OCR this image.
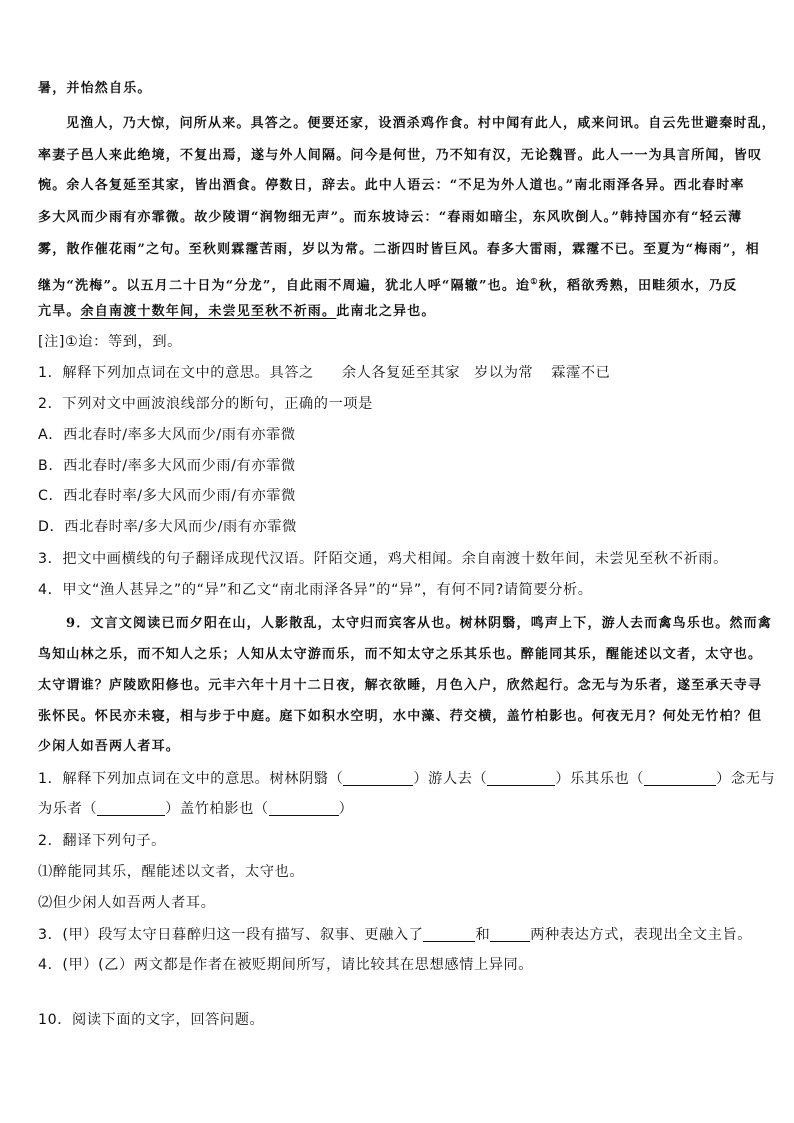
暑，并怡然自乐。
见渔人，乃大惊，问所从来。具答之。便要还家，设酒杀鸡作食。村中闻有此人，咸来问讯。自云先世避秦时乱，
率妻子邑人来此绝境，不复出焉，遂与外人间隔。问今是何世，乃不知有汉，无论魏晋。此人一一为具言所闻，皆叹
惋。余人各复延至其家，皆出酒食。停数日，辞去。此中人语云：“不足为外人道也。”南北雨泽各异。西北春时率
多大风而少雨有亦霏微。故少陵谓“润物细无声”。而东坡诗云：“春雨如暗尘，东风吹倒人。”韩持国亦有“轻云薄
雾，散作催花雨”之句。至秋则霖霪苦雨，岁以为常。二浙四时皆巨风。春多大雷雨，霖霪不已。至夏为“梅雨”，相
继为“洗梅”。以五月二十日为“分龙”，自此雨不周遍，犹北人呼“隔辙”也。迨①秋，稻欲秀熟，田畦须水，乃反
亢旱。余自南渡十数年间，未尝见至秋不祈雨。此南北之异也。
[注]①迨：等到，到。
1．解释下列加点词在文中的意思。具答之 余人各复延至其家 岁以为常 霖霪不已
2．下列对文中画波浪线部分的断句，正确的一项是
A．西北春时/率多大风而少/雨有亦霏微
B．西北春时/率多大风而少雨/有亦霏微
C．西北春时率/多大风而少雨/有亦霏微
D．西北春时率/多大风而少/雨有亦霏微
3．把文中画横线的句子翻译成现代汉语。阡陌交通，鸡犬相闻。余自南渡十数年间，未尝见至秋不祈雨。
4．甲文“渔人甚异之”的“异”和乙文“南北雨泽各异”的“异”，有何不同?请简要分析。
9．文言文阅读已而夕阳在山，人影散乱，太守归而宾客从也。树林阴翳，鸣声上下，游人去而禽鸟乐也。然而禽
鸟知山林之乐，而不知人之乐；人知从太守游而乐，而不知太守之乐其乐也。醉能同其乐，醒能述以文者，太守也。
太守谓谁？庐陵欧阳修也。元丰六年十月十二日夜，解衣欲睡，月色入户，欣然起行。念无与为乐者，遂至承天寺寻
张怀民。怀民亦未寝，相与步于中庭。庭下如积水空明，水中藻、荇交横，盖竹柏影也。何夜无月？何处无竹柏？但
少闲人如吾两人者耳。
1．解释下列加点词在文中的意思。树林阴翳（	）游人去（	）乐其乐也（	）念无与
为乐者（	）盖竹柏影也（	）
2．翻译下列句子。
⑴醉能同其乐，醒能述以文者，太守也。
⑵但少闲人如吾两人者耳。
3．(甲）段写太守日暮醉归这一段有描写、叙事、更融入了	和	两种表达方式，表现出全文主旨。
4．(甲）(乙）两文都是作者在被贬期间所写，请比较其在思想感情上异同。
10．阅读下面的文字，回答问题。
